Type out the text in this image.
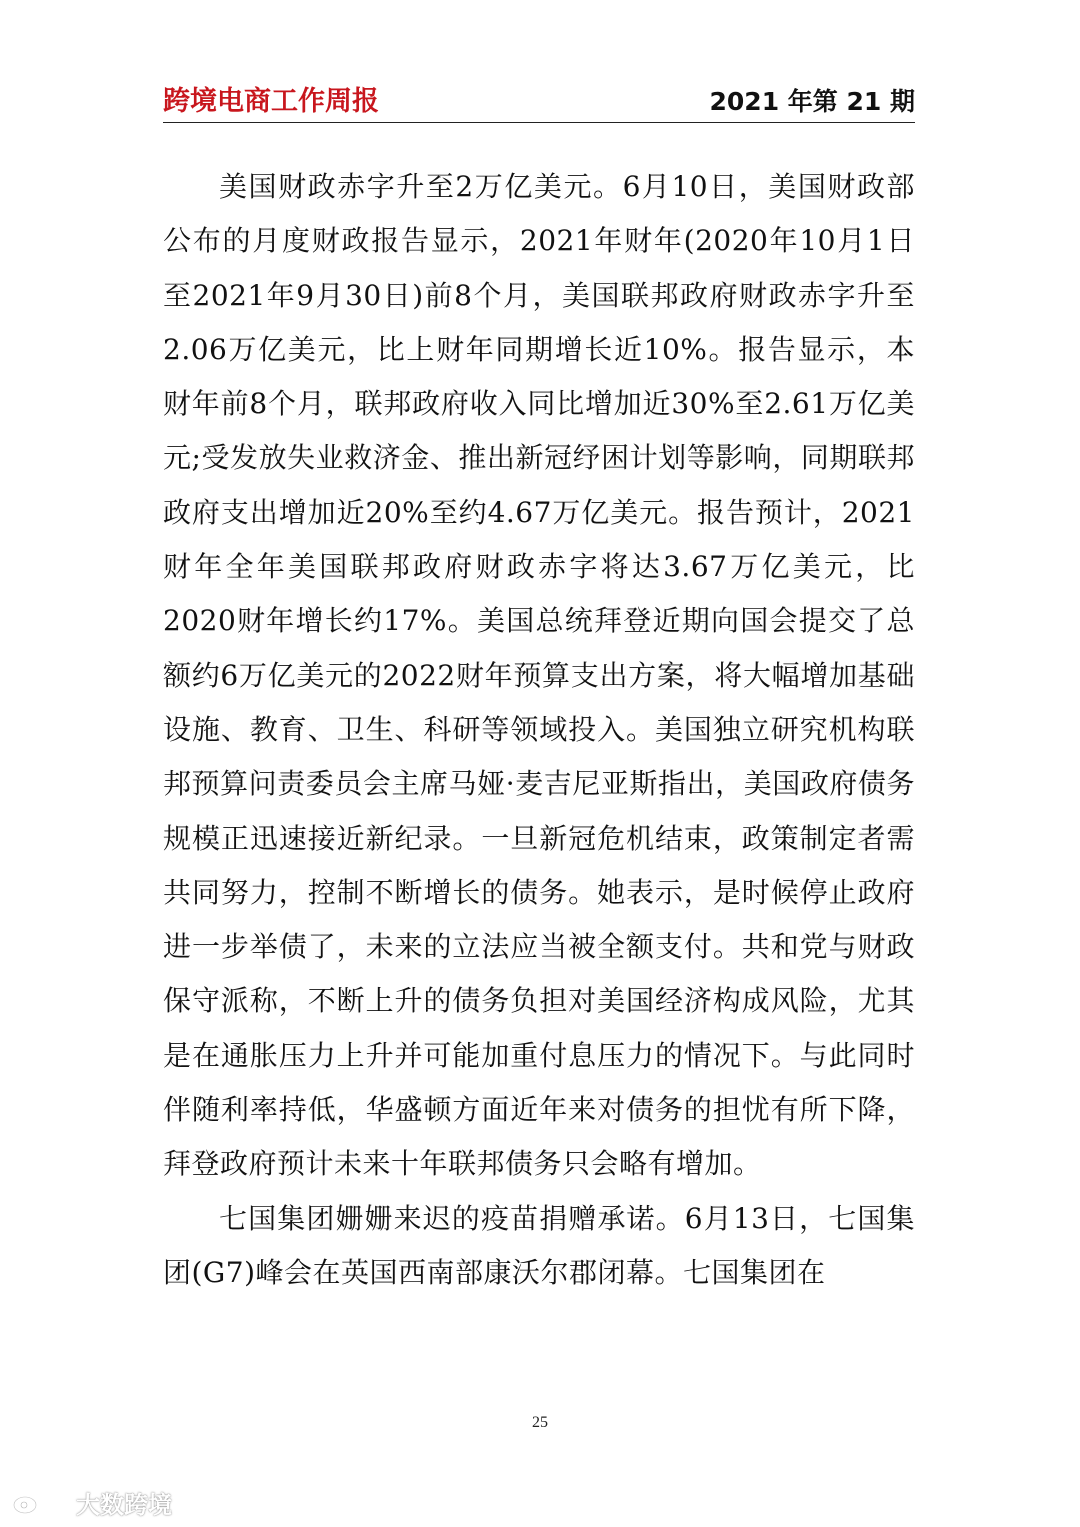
跨境电商工作周报	2021 年第 21 期

美国财政赤字升至2万亿美元。6月10日，美国财政部公布的月度财政报告显示，2021年财年(2020年10月1日至2021年9月30日)前8个月，美国联邦政府财政赤字升至2.06万亿美元，比上财年同期增长近10%。报告显示，本财年前8个月，联邦政府收入同比增加近30%至2.61万亿美元;受发放失业救济金、推出新冠纾困计划等影响，同期联邦政府支出增加近20%至约4.67万亿美元。报告预计，2021财年全年美国联邦政府财政赤字将达3.67万亿美元，比2020财年增长约17%。美国总统拜登近期向国会提交了总额约6万亿美元的2022财年预算支出方案，将大幅增加基础设施、教育、卫生、科研等领域投入。美国独立研究机构联邦预算问责委员会主席马娅·麦吉尼亚斯指出，美国政府债务规模正迅速接近新纪录。一旦新冠危机结束，政策制定者需共同努力，控制不断增长的债务。她表示，是时候停止政府进一步举债了，未来的立法应当被全额支付。共和党与财政保守派称，不断上升的债务负担对美国经济构成风险，尤其是在通胀压力上升并可能加重付息压力的情况下。与此同时伴随利率持低，华盛顿方面近年来对债务的担忧有所下降，拜登政府预计未来十年联邦债务只会略有增加。

七国集团姗姗来迟的疫苗捐赠承诺。6月13日，七国集团(G7)峰会在英国西南部康沃尔郡闭幕。七国集团在

25
大数跨境
